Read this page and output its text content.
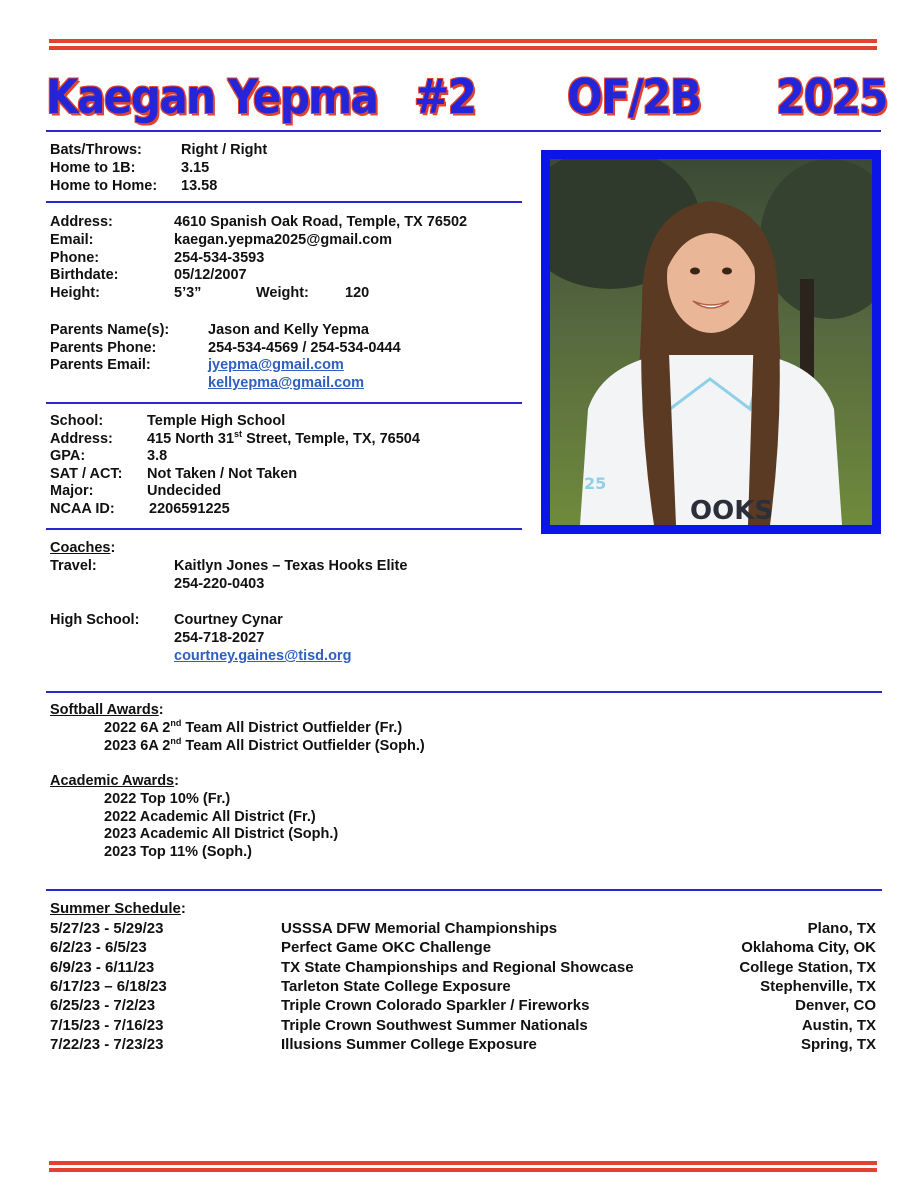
Kaegan Yepma #2 OF/2B 2025
Bats/Throws:	Right / Right
Home to 1B:	3.15
Home to Home: 13.58
Address:	4610 Spanish Oak Road, Temple, TX 76502
Email:	kaegan.yepma2025@gmail.com
Phone:	254-534-3593
Birthdate:	05/12/2007
Height:	5’3”	Weight: 120
Parents Name(s):	Jason and Kelly Yepma
Parents Phone:	254-534-4569 / 254-534-0444
Parents Email:	jyepma@gmail.com
kellyepma@gmail.com
School:	Temple High School
Address: 415 North 31st Street, Temple, TX, 76504
GPA:	3.8
SAT / ACT: Not Taken / Not Taken
Major:	Undecided
NCAA ID: 2206591225
Coaches:
Travel:	Kaitlyn Jones – Texas Hooks Elite
254-220-0403
High School: Courtney Cynar
254-718-2027
courtney.gaines@tisd.org
OOKS
25
Softball Awards:
2022 6A 2nd Team All District Outfielder (Fr.)
2023 6A 2nd Team All District Outfielder (Soph.)
Academic Awards:
2022 Top 10% (Fr.)
2022 Academic All District (Fr.)
2023 Academic All District (Soph.)
2023 Top 11% (Soph.)
Summer Schedule:
5/27/23 - 5/29/23	USSSA DFW Memorial Championships	Plano, TX
6/2/23 - 6/5/23	Perfect Game OKC Challenge	Oklahoma City, OK
6/9/23 - 6/11/23	TX State Championships and Regional Showcase	College Station, TX
6/17/23 – 6/18/23	Tarleton State College Exposure	Stephenville, TX
6/25/23 - 7/2/23	Triple Crown Colorado Sparkler / Fireworks	Denver, CO
7/15/23 - 7/16/23	Triple Crown Southwest Summer Nationals	Austin, TX
7/22/23 - 7/23/23	Illusions Summer College Exposure	Spring, TX
